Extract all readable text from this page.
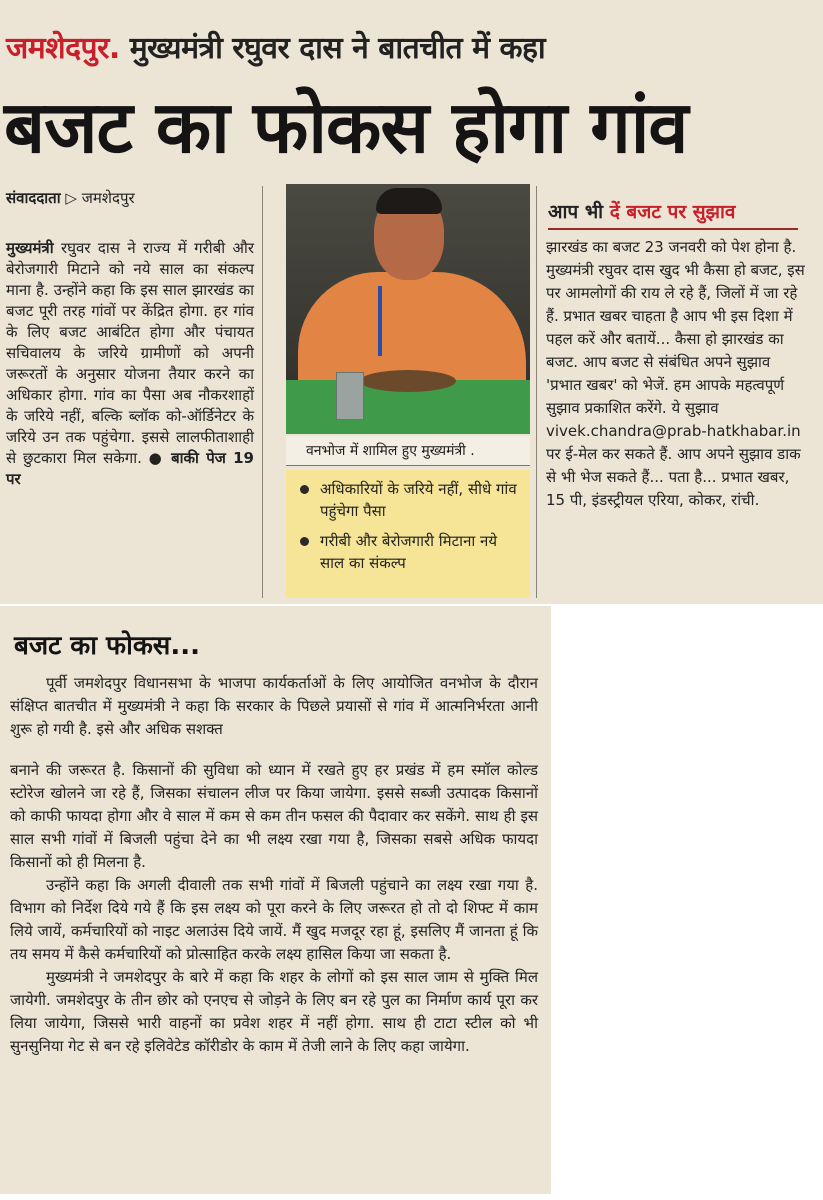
जमशेदपुर. मुख्यमंत्री रघुवर दास ने बातचीत में कहा
बजट का फोकस होगा गांव
संवाददाता ▷ जमशेदपुर
मुख्यमंत्री रघुवर दास ने राज्य में गरीबी और बेरोजगारी मिटाने को नये साल का संकल्प माना है. उन्होंने कहा कि इस साल झारखंड का बजट पूरी तरह गांवों पर केंद्रित होगा. हर गांव के लिए बजट आबंटित होगा और पंचायत सचिवालय के जरिये ग्रामीणों को अपनी जरूरतों के अनुसार योजना तैयार करने का अधिकार होगा. गांव का पैसा अब नौकरशाहों के जरिये नहीं, बल्कि ब्लॉक को-ऑर्डिनेटर के जरिये उन तक पहुंचेगा. इससे लालफीताशाही से छुटकारा मिल सकेगा. ● बाकी पेज 19 पर
वनभोज में शामिल हुए मुख्यमंत्री .
अधिकारियों के जरिये नहीं, सीधे गांव पहुंचेगा पैसा
गरीबी और बेरोजगारी मिटाना नये साल का संकल्प
आप भी दें बजट पर सुझाव
झारखंड का बजट 23 जनवरी को पेश होना है. मुख्यमंत्री रघुवर दास खुद भी कैसा हो बजट, इस पर आमलोगों की राय ले रहे हैं, जिलों में जा रहे हैं. प्रभात खबर चाहता है आप भी इस दिशा में पहल करें और बतायें... कैसा हो झारखंड का बजट. आप बजट से संबंधित अपने सुझाव 'प्रभात खबर' को भेजें. हम आपके महत्वपूर्ण सुझाव प्रकाशित करेंगे. ये सुझाव vivek.chandra@prab-hatkhabar.in पर ई-मेल कर सकते हैं. आप अपने सुझाव डाक से भी भेज सकते हैं... पता है... प्रभात खबर, 15 पी, इंडस्ट्रीयल एरिया, कोकर, रांची.
बजट का फोकस...

पूर्वी जमशेदपुर विधानसभा के भाजपा कार्यकर्ताओं के लिए आयोजित वनभोज के दौरान संक्षिप्त बातचीत में मुख्यमंत्री ने कहा कि सरकार के पिछले प्रयासों से गांव में आत्मनिर्भरता आनी शुरू हो गयी है. इसे और अधिक सशक्त

बनाने की जरूरत है. किसानों की सुविधा को ध्यान में रखते हुए हर प्रखंड में हम स्मॉल कोल्ड स्टोरेज खोलने जा रहे हैं, जिसका संचालन लीज पर किया जायेगा. इससे सब्जी उत्पादक किसानों को काफी फायदा होगा और वे साल में कम से कम तीन फसल की पैदावार कर सकेंगे. साथ ही इस साल सभी गांवों में बिजली पहुंचा देने का भी लक्ष्य रखा गया है, जिसका सबसे अधिक फायदा किसानों को ही मिलना है.

उन्होंने कहा कि अगली दीवाली तक सभी गांवों में बिजली पहुंचाने का लक्ष्य रखा गया है. विभाग को निर्देश दिये गये हैं कि इस लक्ष्य को पूरा करने के लिए जरूरत हो तो दो शिफ्ट में काम लिये जायें, कर्मचारियों को नाइट अलाउंस दिये जायें. मैं खुद मजदूर रहा हूं, इसलिए मैं जानता हूं कि तय समय में कैसे कर्मचारियों को प्रोत्साहित करके लक्ष्य हासिल किया जा सकता है.

मुख्यमंत्री ने जमशेदपुर के बारे में कहा कि शहर के लोगों को इस साल जाम से मुक्ति मिल जायेगी. जमशेदपुर के तीन छोर को एनएच से जोड़ने के लिए बन रहे पुल का निर्माण कार्य पूरा कर लिया जायेगा, जिससे भारी वाहनों का प्रवेश शहर में नहीं होगा. साथ ही टाटा स्टील को भी सुनसुनिया गेट से बन रहे इलिवेटेड कॉरीडोर के काम में तेजी लाने के लिए कहा जायेगा.
